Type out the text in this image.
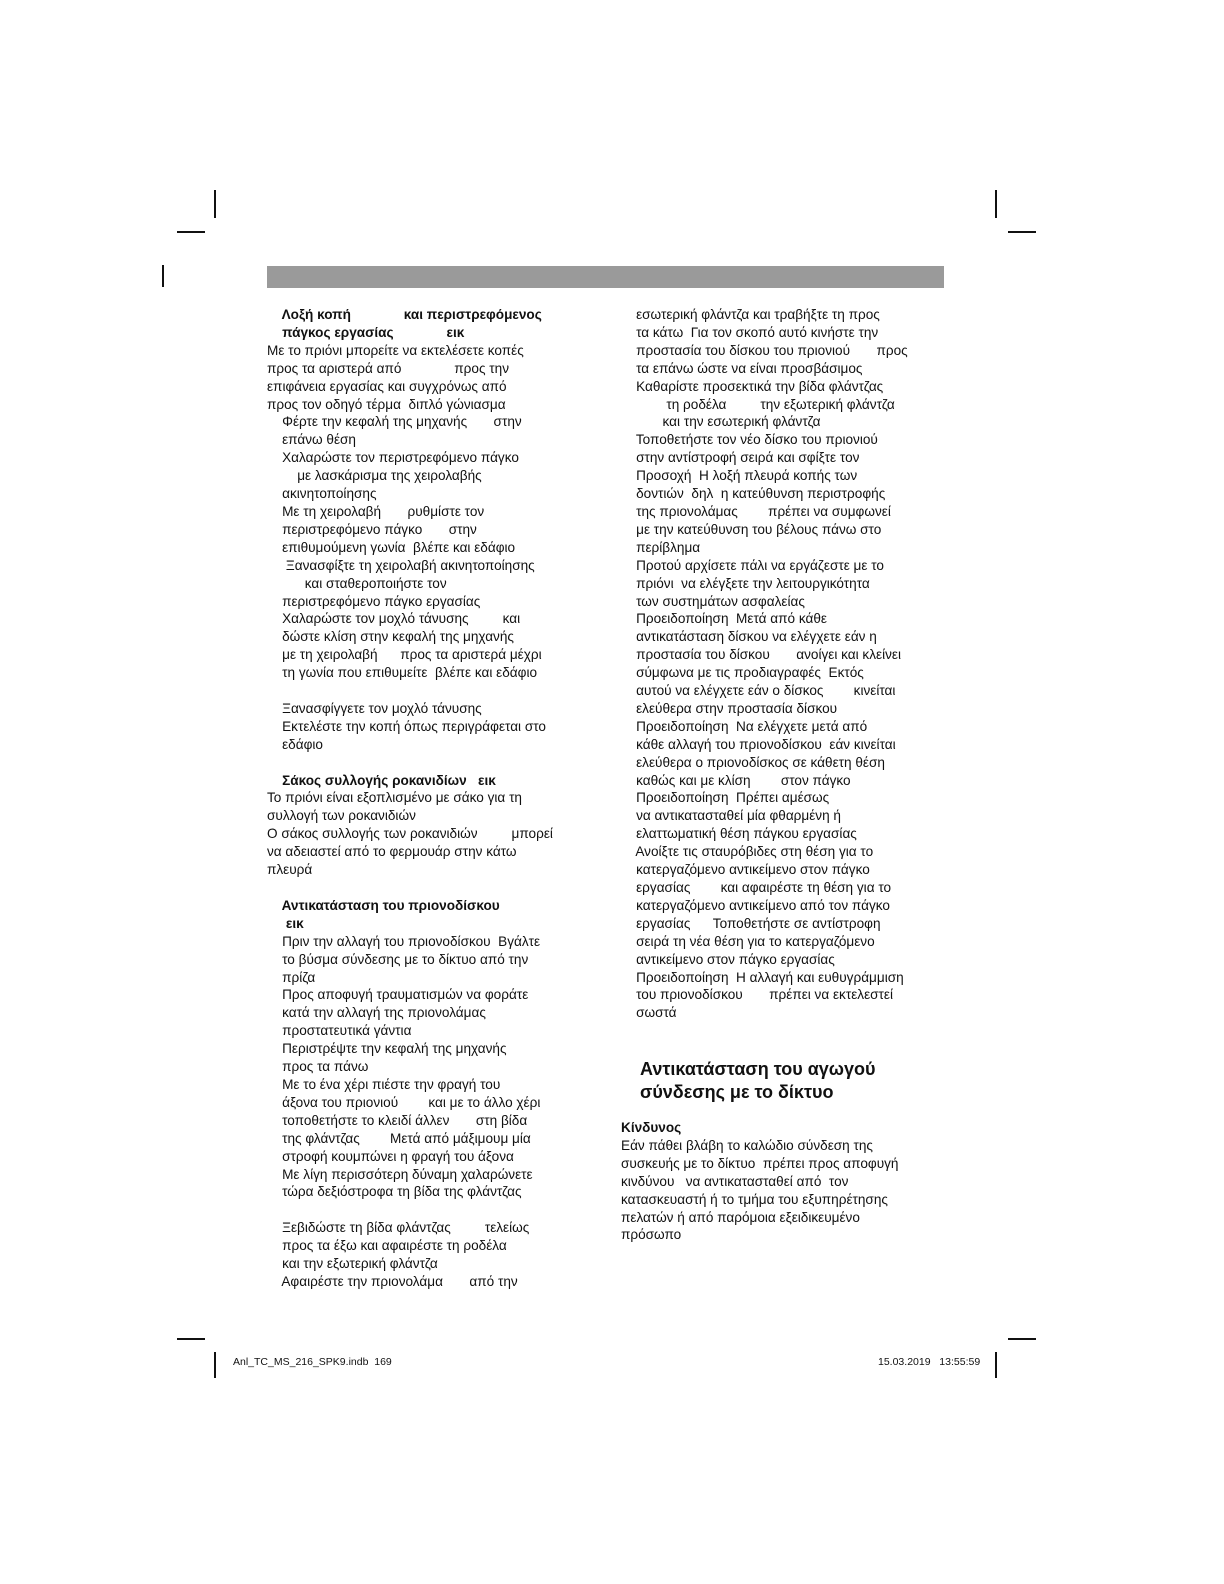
Λοξή κοπή              και περιστρεφόμενος

πάγκος εργασίας              εικ

Με το πριόνι μπορείτε να εκτελέσετε κοπές

προς τα αριστερά από              προς την

επιφάνεια εργασίας και συγχρόνως από

προς τον οδηγό τέρμα  διπλό γώνιασμα

Φέρτε την κεφαλή της μηχανής       στην

επάνω θέση

Χαλαρώστε τον περιστρεφόμενο πάγκο

με λασκάρισμα της χειρολαβής

ακινητοποίησης

Με τη χειρολαβή       ρυθμίστε τον

περιστρεφόμενο πάγκο       στην

επιθυμούμενη γωνία  βλέπε και εδάφιο

Ξανασφίξτε τη χειρολαβή ακινητοποίησης

και σταθεροποιήστε τον

περιστρεφόμενο πάγκο εργασίας

Χαλαρώστε τον μοχλό τάνυσης         και

δώστε κλίση στην κεφαλή της μηχανής

με τη χειρολαβή      προς τα αριστερά μέχρι

τη γωνία που επιθυμείτε  βλέπε και εδάφιο

Ξανασφίγγετε τον μοχλό τάνυσης

Εκτελέστε την κοπή όπως περιγράφεται στο

εδάφιο

Σάκος συλλογής ροκανιδίων   εικ

Το πριόνι είναι εξοπλισμένο με σάκο για τη

συλλογή των ροκανιδιών

Ο σάκος συλλογής των ροκανιδιών         μπορεί

να αδειαστεί από το φερμουάρ στην κάτω

πλευρά

Αντικατάσταση του πριονοδίσκου

εικ

Πριν την αλλαγή του πριονοδίσκου  Βγάλτε

το βύσμα σύνδεσης με το δίκτυο από την

πρίζα

Προς αποφυγή τραυματισμών να φοράτε

κατά την αλλαγή της πριονολάμας

προστατευτικά γάντια

Περιστρέψτε την κεφαλή της μηχανής

προς τα πάνω

Με το ένα χέρι πιέστε την φραγή του

άξονα του πριονιού        και με το άλλο χέρι

τοποθετήστε το κλειδί άλλεν       στη βίδα

της φλάντζας        Μετά από μάξιμουμ μία

στροφή κουμπώνει η φραγή του άξονα

Με λίγη περισσότερη δύναμη χαλαρώνετε

τώρα δεξιόστροφα τη βίδα της φλάντζας

Ξεβιδώστε τη βίδα φλάντζας         τελείως

προς τα έξω και αφαιρέστε τη ροδέλα

και την εξωτερική φλάντζα

Αφαιρέστε την πριονολάμα       από την

εσωτερική φλάντζα και τραβήξτε τη προς

τα κάτω  Για τον σκοπό αυτό κινήστε την

προστασία του δίσκου του πριονιού       προς

τα επάνω ώστε να είναι προσβάσιμος

Καθαρίστε προσεκτικά την βίδα φλάντζας

τη ροδέλα         την εξωτερική φλάντζα

και την εσωτερική φλάντζα

Τοποθετήστε τον νέο δίσκο του πριονιού

στην αντίστροφή σειρά και σφίξτε τον

Προσοχή  Η λοξή πλευρά κοπής των

δοντιών  δηλ  η κατεύθυνση περιστροφής

της πριονολάμας        πρέπει να συμφωνεί

με την κατεύθυνση του βέλους πάνω στο

περίβλημα

Προτού αρχίσετε πάλι να εργάζεστε με το

πριόνι  να ελέγξετε την λειτουργικότητα

των συστημάτων ασφαλείας

Προειδοποίηση  Μετά από κάθε

αντικατάσταση δίσκου να ελέγχετε εάν η

προστασία του δίσκου       ανοίγει και κλείνει

σύμφωνα με τις προδιαγραφές  Εκτός

αυτού να ελέγχετε εάν ο δίσκος        κινείται

ελεύθερα στην προστασία δίσκου

Προειδοποίηση  Να ελέγχετε μετά από

κάθε αλλαγή του πριονοδίσκου  εάν κινείται

ελεύθερα ο πριονοδίσκος σε κάθετη θέση

καθώς και με κλίση        στον πάγκο

Προειδοποίηση  Πρέπει αμέσως

να αντικατασταθεί μία φθαρμένη ή

ελαττωματική θέση πάγκου εργασίας

Ανοίξτε τις σταυρόβιδες στη θέση για το

κατεργαζόμενο αντικείμενο στον πάγκο

εργασίας        και αφαιρέστε τη θέση για το

κατεργαζόμενο αντικείμενο από τον πάγκο

εργασίας      Τοποθετήστε σε αντίστροφη

σειρά τη νέα θέση για το κατεργαζόμενο

αντικείμενο στον πάγκο εργασίας

Προειδοποίηση  Η αλλαγή και ευθυγράμμιση

του πριονοδίσκου       πρέπει να εκτελεστεί

σωστά

Αντικατάσταση του αγωγού

σύνδεσης με το δίκτυο

Κίνδυνος

Εάν πάθει βλάβη το καλώδιο σύνδεση της

συσκευής με το δίκτυο  πρέπει προς αποφυγή

κινδύνου   να αντικατασταθεί από  τον

κατασκευαστή ή το τμήμα του εξυπηρέτησης

πελατών ή από παρόμοια εξειδικευμένο

πρόσωπο

Anl_TC_MS_216_SPK9.indb  169	15.03.2019   13:55:59
